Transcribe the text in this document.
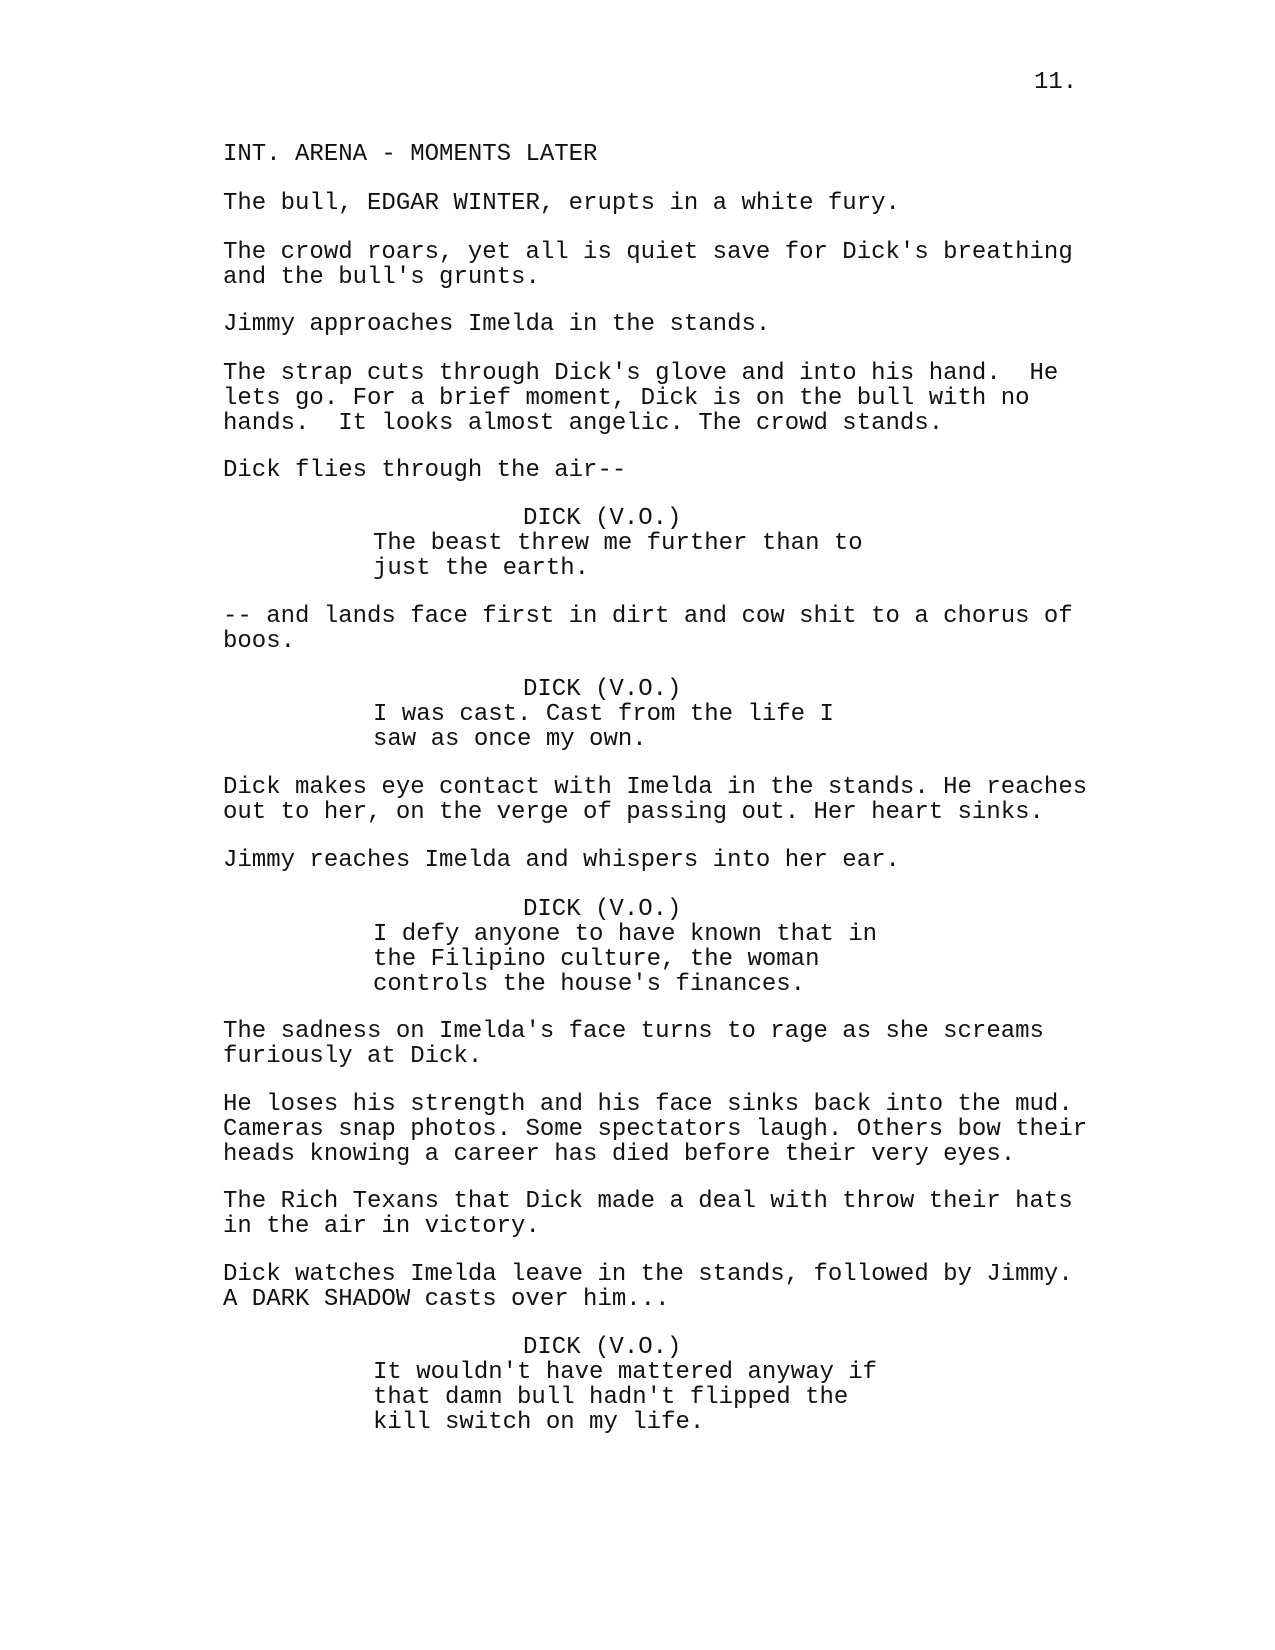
11.
INT. ARENA - MOMENTS LATER
The bull, EDGAR WINTER, erupts in a white fury.
The crowd roars, yet all is quiet save for Dick's breathing
and the bull's grunts.
Jimmy approaches Imelda in the stands.
The strap cuts through Dick's glove and into his hand.  He
lets go. For a brief moment, Dick is on the bull with no
hands.  It looks almost angelic. The crowd stands.
Dick flies through the air--
DICK (V.O.)
The beast threw me further than to
just the earth.
-- and lands face first in dirt and cow shit to a chorus of
boos.
DICK (V.O.)
I was cast. Cast from the life I
saw as once my own.
Dick makes eye contact with Imelda in the stands. He reaches
out to her, on the verge of passing out. Her heart sinks.
Jimmy reaches Imelda and whispers into her ear.
DICK (V.O.)
I defy anyone to have known that in
the Filipino culture, the woman
controls the house's finances.
The sadness on Imelda's face turns to rage as she screams
furiously at Dick.
He loses his strength and his face sinks back into the mud.
Cameras snap photos. Some spectators laugh. Others bow their
heads knowing a career has died before their very eyes.
The Rich Texans that Dick made a deal with throw their hats
in the air in victory.
Dick watches Imelda leave in the stands, followed by Jimmy.
A DARK SHADOW casts over him...
DICK (V.O.)
It wouldn't have mattered anyway if
that damn bull hadn't flipped the
kill switch on my life.
